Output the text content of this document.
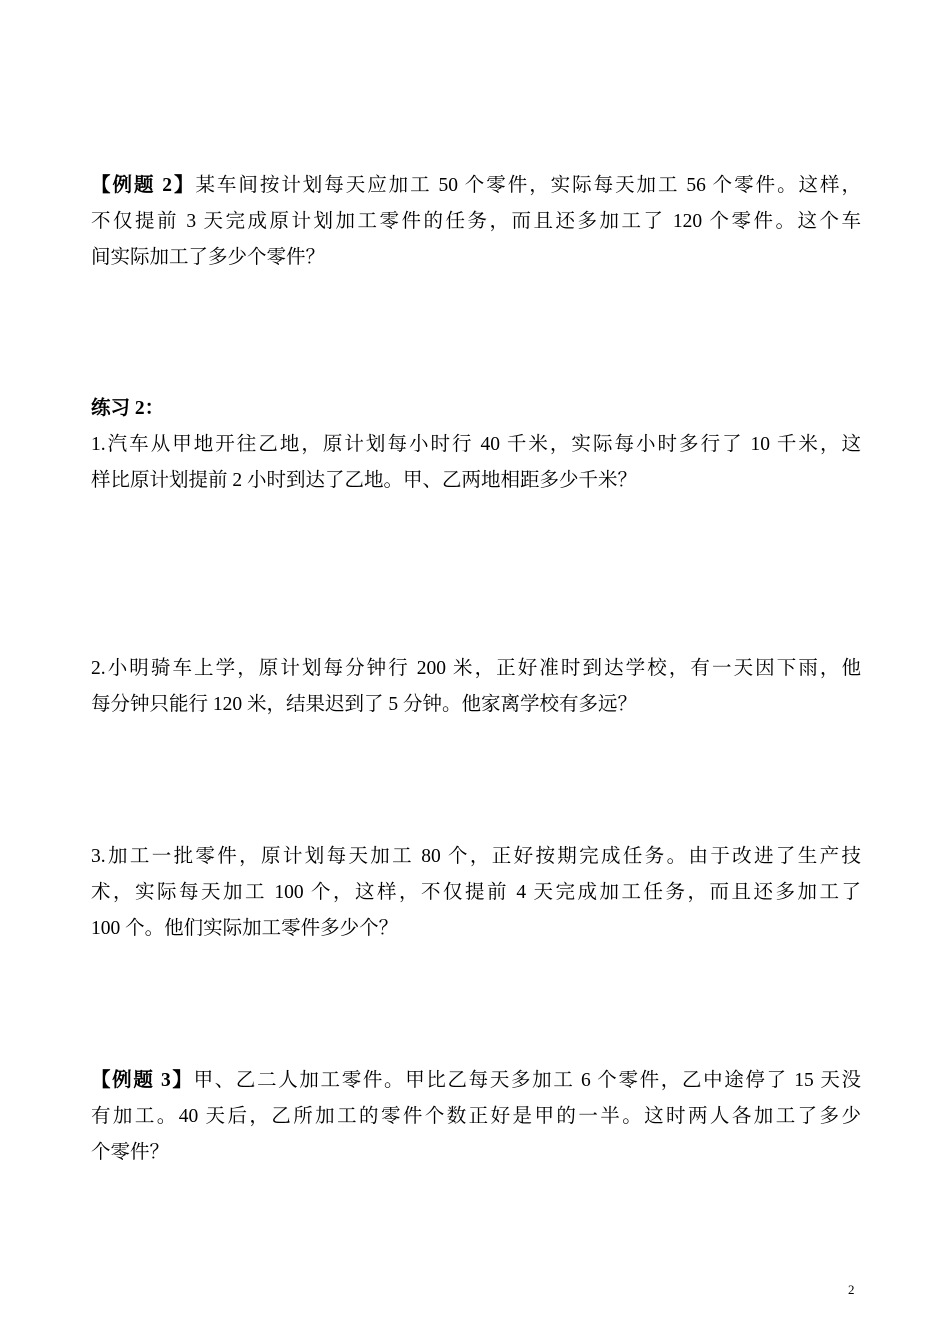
【例题 2】某车间按计划每天应加工 50 个零件，实际每天加工 56 个零件。这样，
不仅提前 3 天完成原计划加工零件的任务，而且还多加工了 120 个零件。这个车
间实际加工了多少个零件？
练习 2：
1.汽车从甲地开往乙地，原计划每小时行 40 千米，实际每小时多行了 10 千米，这
样比原计划提前 2 小时到达了乙地。甲、乙两地相距多少千米？
2.小明骑车上学，原计划每分钟行 200 米，正好准时到达学校，有一天因下雨，他
每分钟只能行 120 米，结果迟到了 5 分钟。他家离学校有多远？
3.加工一批零件，原计划每天加工 80 个，正好按期完成任务。由于改进了生产技
术，实际每天加工 100 个，这样，不仅提前 4 天完成加工任务，而且还多加工了
100 个。他们实际加工零件多少个？
【例题 3】甲、乙二人加工零件。甲比乙每天多加工 6 个零件，乙中途停了 15 天没
有加工。40 天后，乙所加工的零件个数正好是甲的一半。这时两人各加工了多少
个零件？
2
